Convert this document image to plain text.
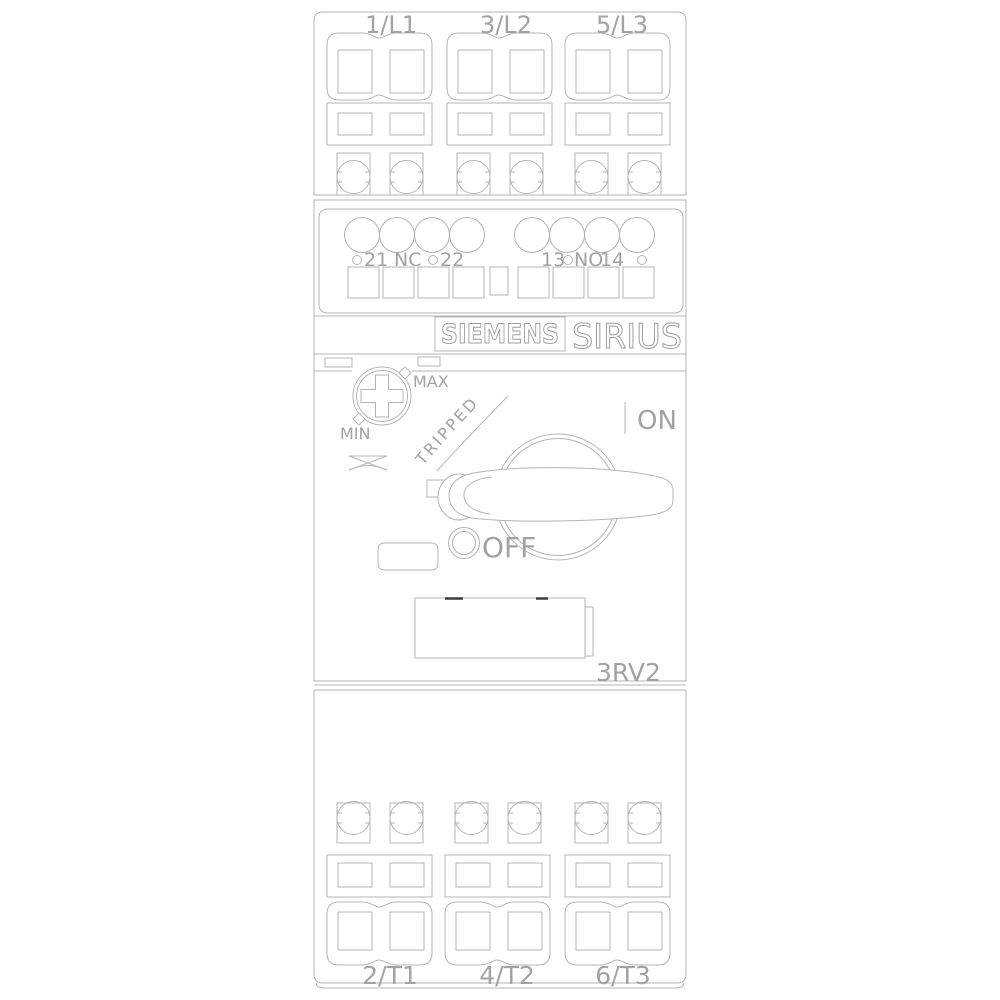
1/L1	3/L2	5/L3
21 NC 22	13 NO
14
SIEMENS SIRIUS
MAX
MIN
TRIPPED
ON
OFF
3RV2
2/T1 4/T2 6/T3
